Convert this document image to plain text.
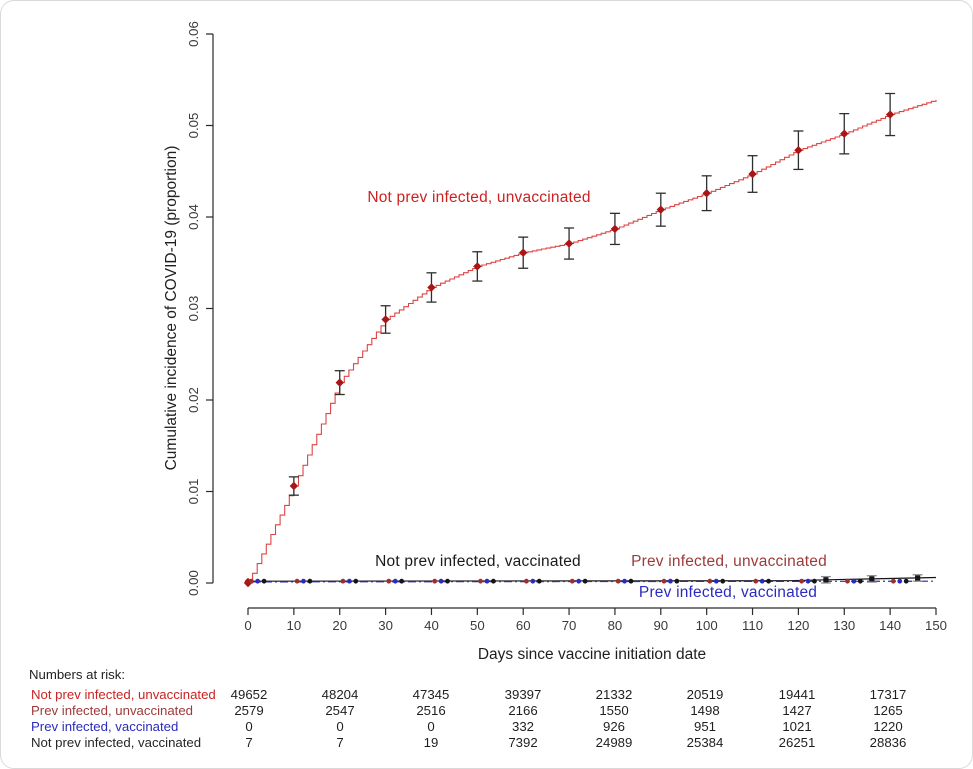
0.00
0.01
0.02
0.03
0.04
0.05
0.06
0	10 20 30 40 50 60 70 80 90 100 110 120 130 140 150
Not prev infected, unvaccinated
Not prev infected, vaccinated	Prev infected, unvaccinated
Prev infected, vaccinated
Days since vaccine initiation date
Cumulative incidence of COVID-19 (proportion)
Numbers at risk:
Not prev infected, unvaccinated	49652	48204	47345	39397	21332	20519	19441	17317
Prev infected, unvaccinated	2579	2547	2516	2166	1550	1498	1427	1265
Prev infected, vaccinated	0	0	0	332	926	951	1021	1220
Not prev infected, vaccinated	7	7	19	7392	24989	25384	26251	28836
